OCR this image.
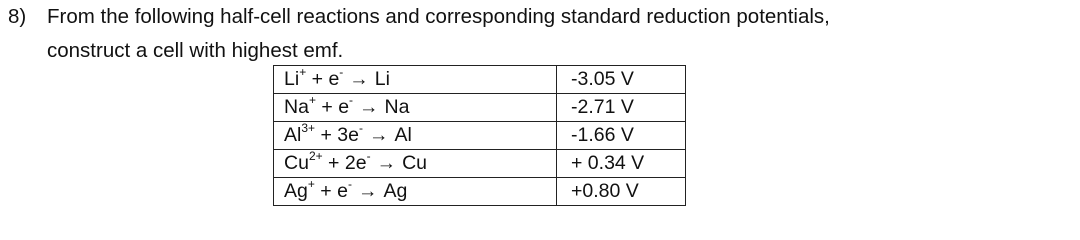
8) From the following half-cell reactions and corresponding standard reduction potentials,
construct a cell with highest emf.
Li+ + e- → Li	-3.05 V
Na+ + e- → Na	-2.71 V
$Al^{3+} + 3e^- \to Al$	-1.66 V
$Cu^{2+} + 2e^- \to Cu$	+ 0.34 V
Ag+ + e- → Ag	+0.80 V
